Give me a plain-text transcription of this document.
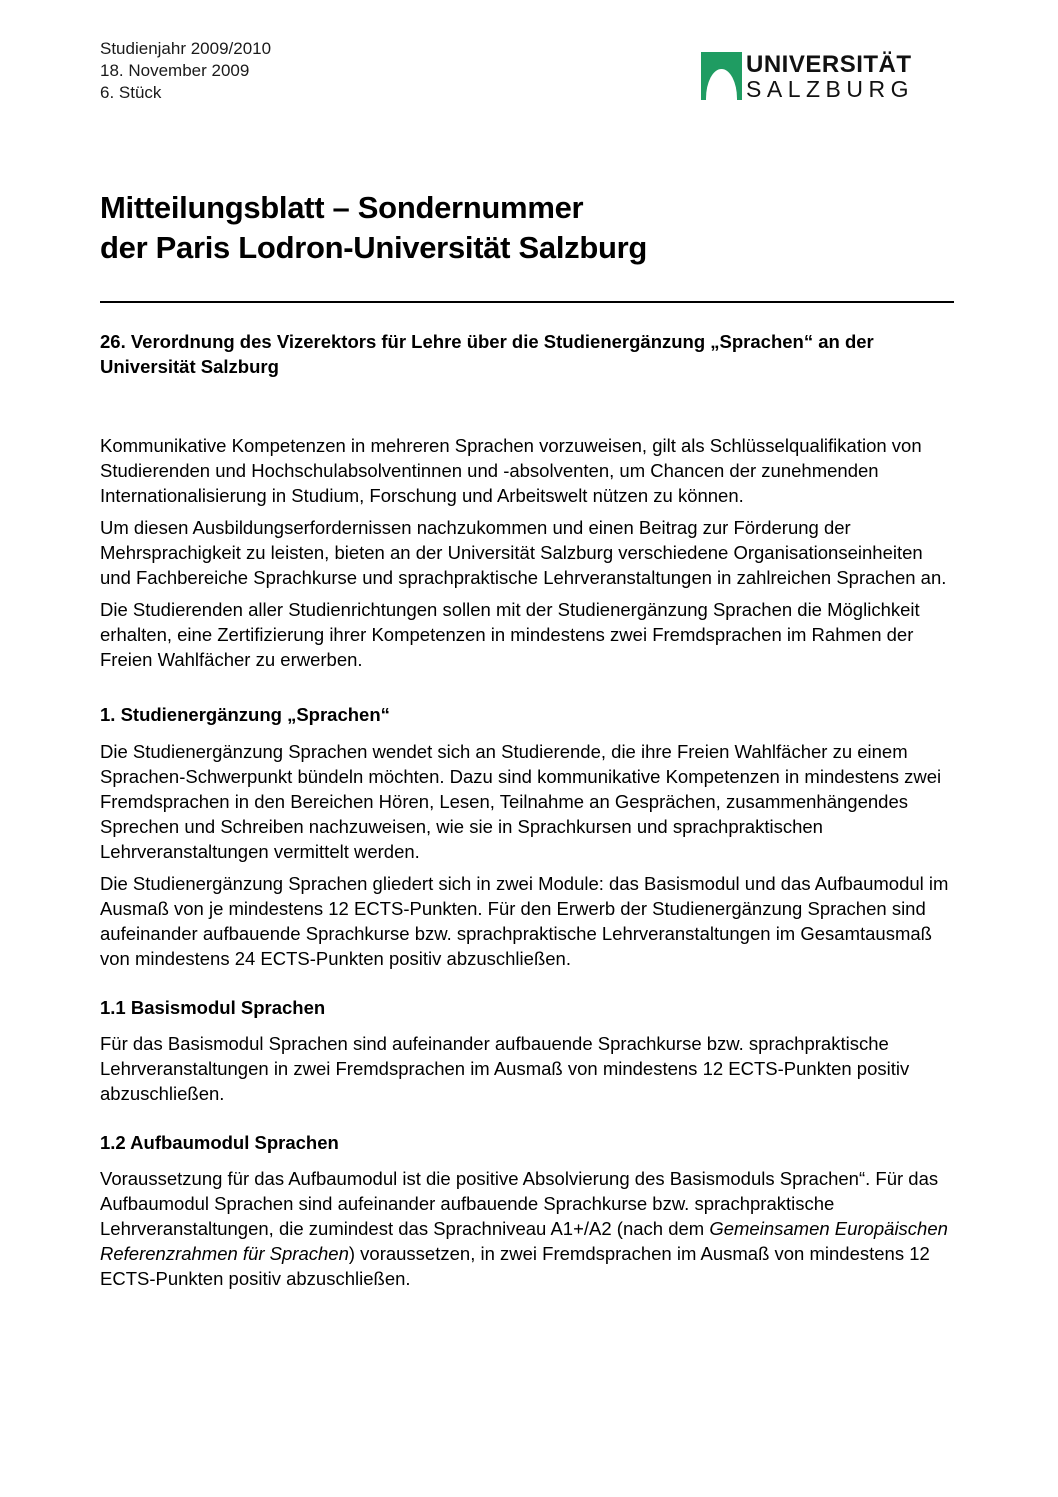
Studienjahr 2009/2010
18. November 2009
6. Stück
UNIVERSITÄT
SALZBURG
Mitteilungsblatt – Sondernummer
der Paris Lodron-Universität Salzburg
26. Verordnung des Vizerektors für Lehre über die Studienergänzung „Sprachen“ an der Universität Salzburg

Kommunikative Kompetenzen in mehreren Sprachen vorzuweisen, gilt als Schlüsselqualifikation von Studierenden und Hochschulabsolventinnen und -absolventen, um Chancen der zunehmenden Internationalisierung in Studium, Forschung und Arbeitswelt nützen zu können.

Um diesen Ausbildungserfordernissen nachzukommen und einen Beitrag zur Förderung der Mehrsprachigkeit zu leisten, bieten an der Universität Salzburg verschiedene Organisationseinheiten und Fachbereiche Sprachkurse und sprachpraktische Lehrveranstaltungen in zahlreichen Sprachen an.

Die Studierenden aller Studienrichtungen sollen mit der Studienergänzung Sprachen die Möglichkeit erhalten, eine Zertifizierung ihrer Kompetenzen in mindestens zwei Fremdsprachen im Rahmen der Freien Wahlfächer zu erwerben.

1. Studienergänzung „Sprachen“

Die Studienergänzung Sprachen wendet sich an Studierende, die ihre Freien Wahlfächer zu einem Sprachen-Schwerpunkt bündeln möchten. Dazu sind kommunikative Kompetenzen in mindestens zwei Fremdsprachen in den Bereichen Hören, Lesen, Teilnahme an Gesprächen, zusammenhängendes Sprechen und Schreiben nachzuweisen, wie sie in Sprachkursen und sprachpraktischen Lehrveranstaltungen vermittelt werden.

Die Studienergänzung Sprachen gliedert sich in zwei Module: das Basismodul und das Aufbaumodul im Ausmaß von je mindestens 12 ECTS-Punkten. Für den Erwerb der Studienergänzung Sprachen sind aufeinander aufbauende Sprachkurse bzw. sprachpraktische Lehrveranstaltungen im Gesamtausmaß von mindestens 24 ECTS-Punkten positiv abzuschließen.

1.1 Basismodul Sprachen

Für das Basismodul Sprachen sind aufeinander aufbauende Sprachkurse bzw. sprachpraktische Lehrveranstaltungen in zwei Fremdsprachen im Ausmaß von mindestens 12 ECTS-Punkten positiv abzuschließen.

1.2 Aufbaumodul Sprachen

Voraussetzung für das Aufbaumodul ist die positive Absolvierung des Basismoduls Sprachen“. Für das Aufbaumodul Sprachen sind aufeinander aufbauende Sprachkurse bzw. sprachpraktische Lehrveranstaltungen, die zumindest das Sprachniveau A1+/A2 (nach dem Gemeinsamen Europäischen Referenzrahmen für Sprachen) voraussetzen, in zwei Fremdsprachen im Ausmaß von mindestens 12 ECTS-Punkten positiv abzuschließen.
